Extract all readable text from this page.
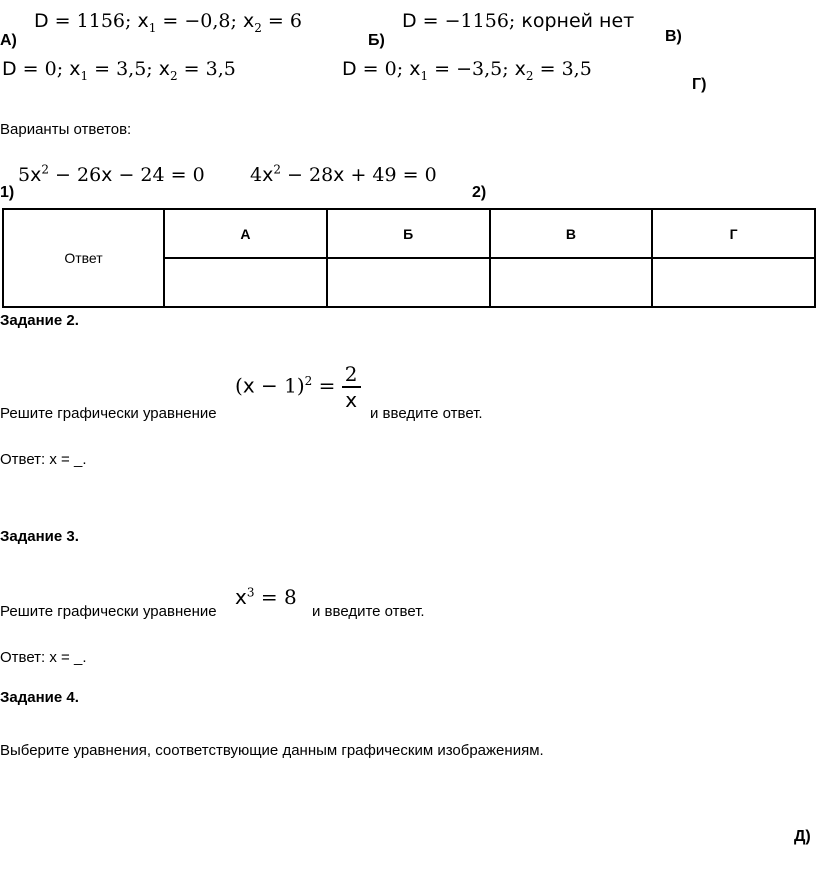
D = 1156; $x_1 = -0,8$; $x_2 = 6$
А)
D = −1156; корней нет
Б)	В)
D = 0; $x_1 = 3,5$; $x_2 = 3,5$	D = 0; $x_1 = -3,5$; $x_2 = 3,5$
Г)
Варианты ответов:
$5x^2 - 26x - 24 = 0$
1)
$4x^2 - 28x + 49 = 0$
2)
Ответ	А	Б	В	Г

Задание 2.
$(x - 1)^2 = \frac{2}{x}$
Решите графически уравнение	и введите ответ.
Ответ: x = _.
Задание 3.
$x^3 = 8$
Решите графически уравнение	и введите ответ.
Ответ: x = _.
Задание 4.
Выберите уравнения, соответствующие данным графическим изображениям.
Д)
